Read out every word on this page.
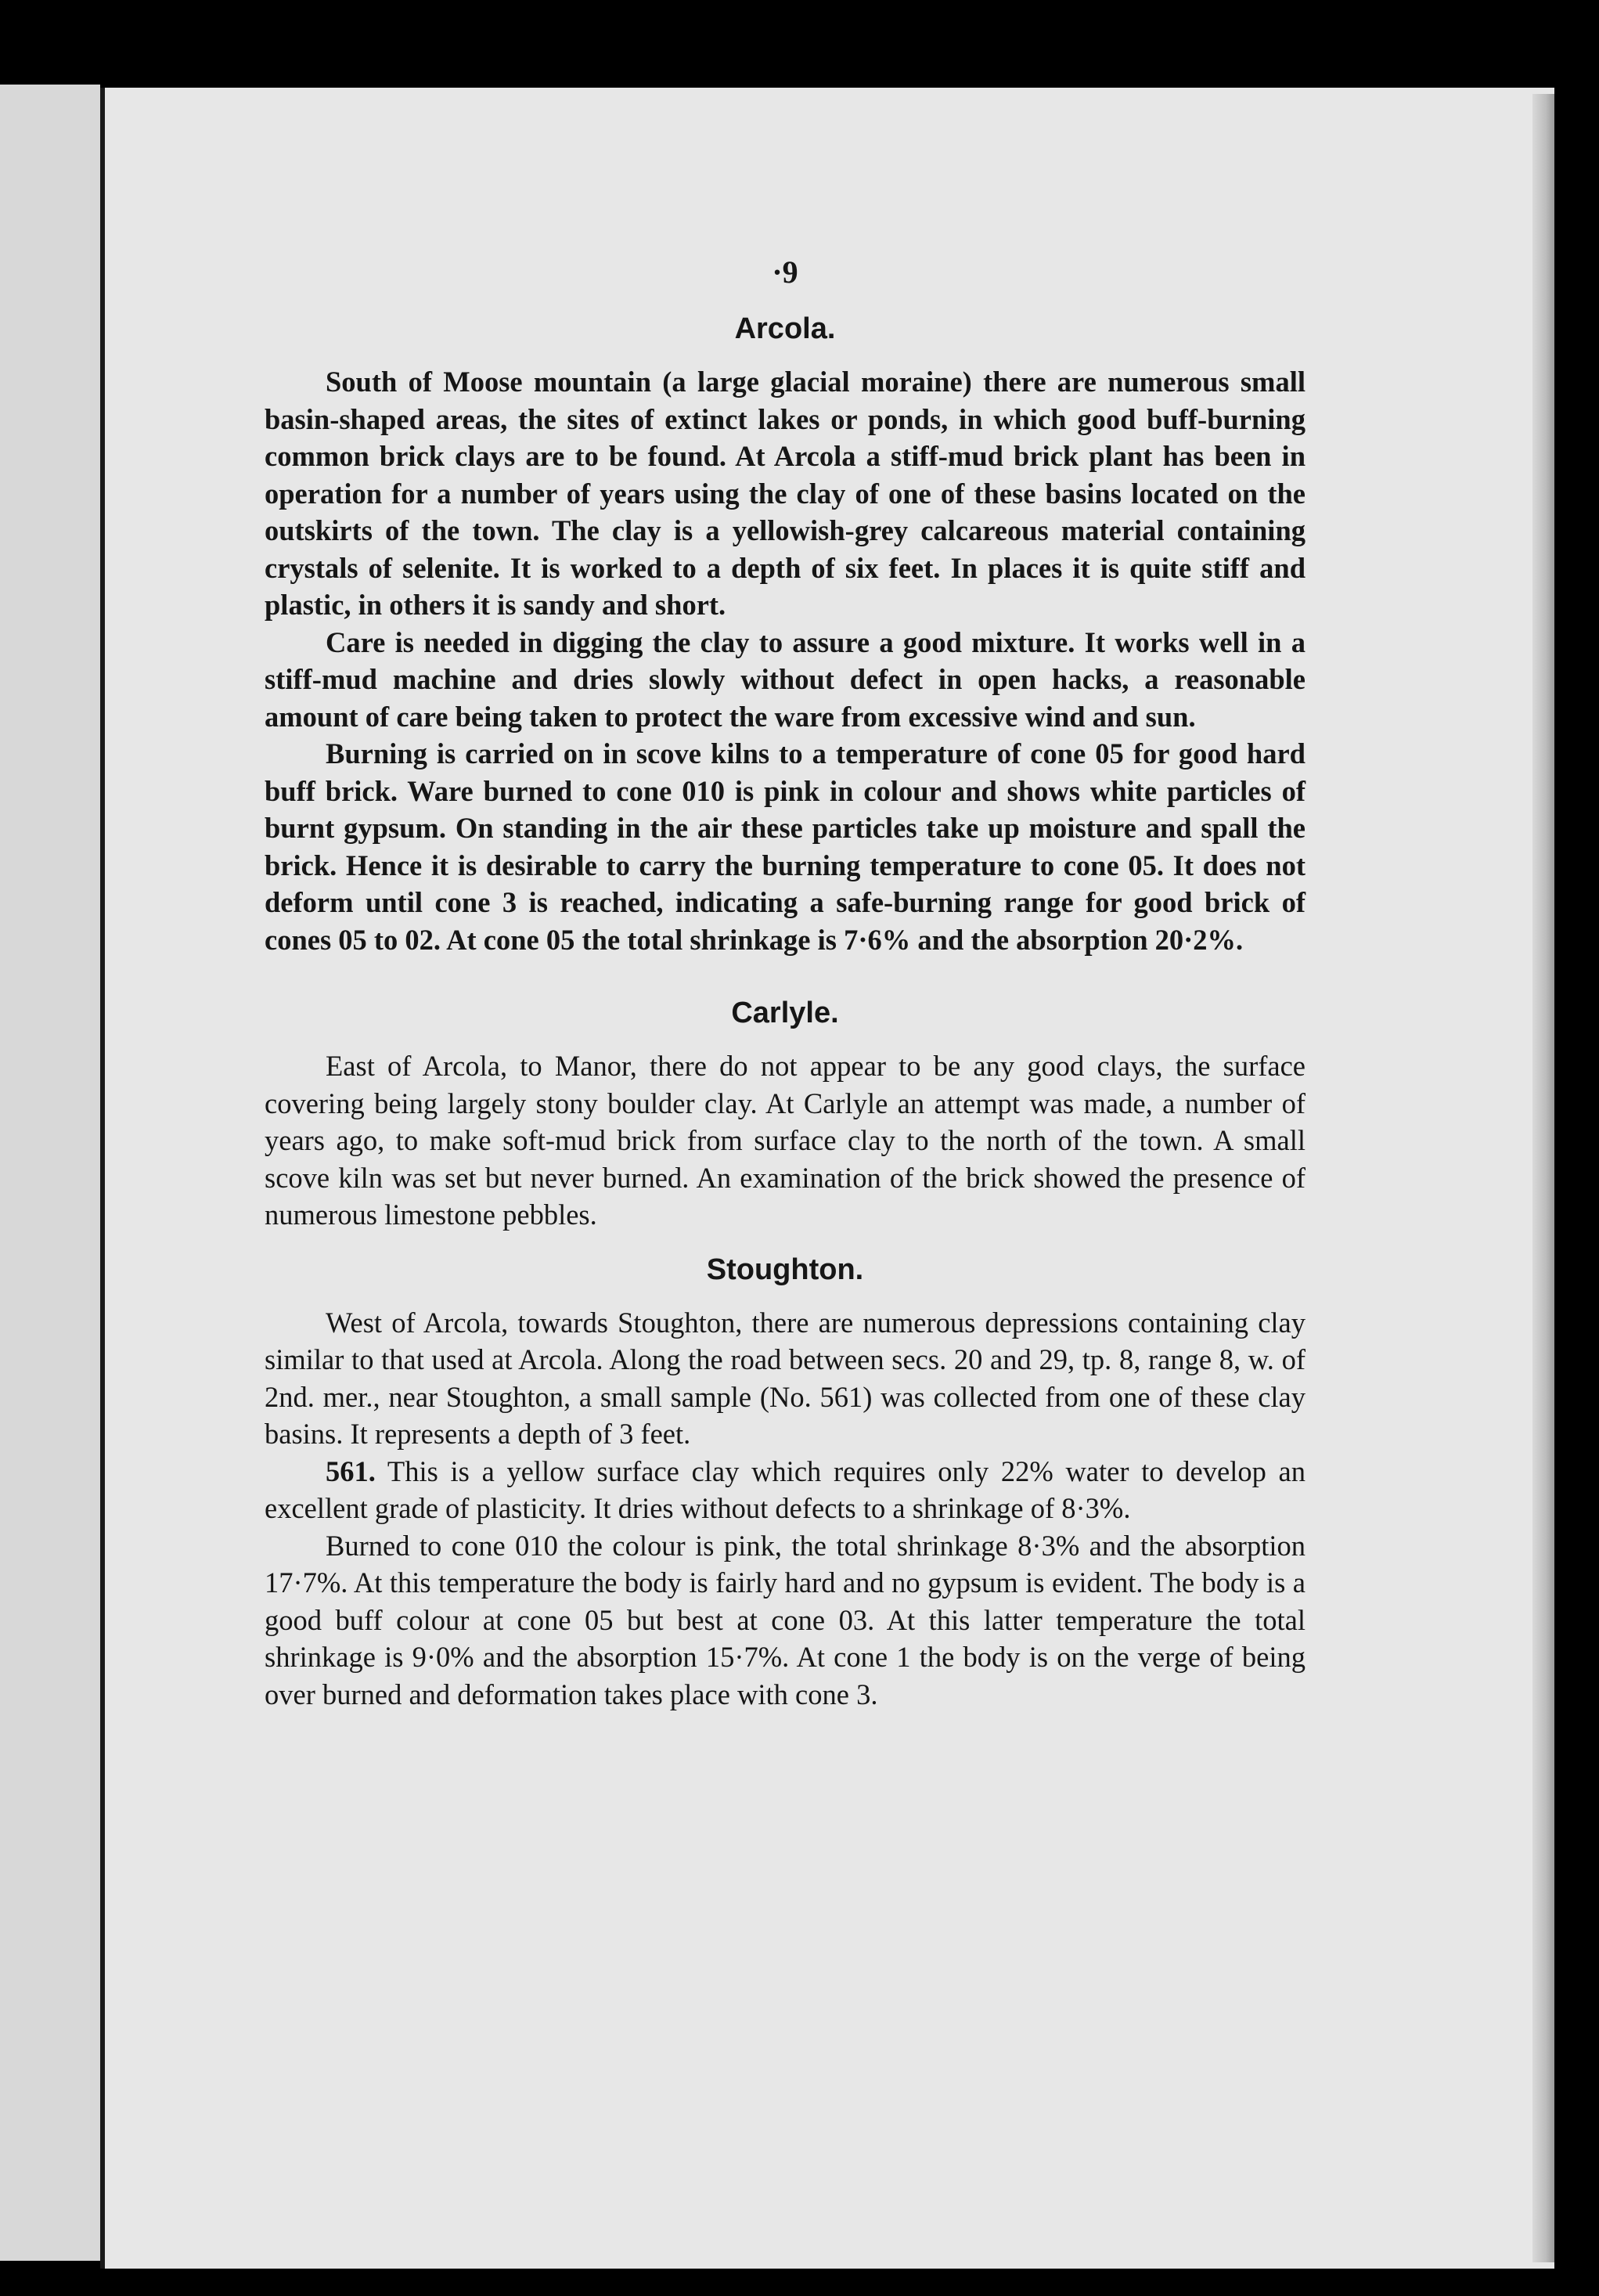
·9
Arcola.

South of Moose mountain (a large glacial moraine) there are numerous small basin-shaped areas, the sites of extinct lakes or ponds, in which good buff-burning common brick clays are to be found. At Arcola a stiff-mud brick plant has been in operation for a number of years using the clay of one of these basins located on the outskirts of the town. The clay is a yellowish-grey calcareous material containing crystals of selenite. It is worked to a depth of six feet. In places it is quite stiff and plastic, in others it is sandy and short.

Care is needed in digging the clay to assure a good mixture. It works well in a stiff-mud machine and dries slowly without defect in open hacks, a reasonable amount of care being taken to protect the ware from excessive wind and sun.

Burning is carried on in scove kilns to a temperature of cone 05 for good hard buff brick. Ware burned to cone 010 is pink in colour and shows white particles of burnt gypsum. On standing in the air these particles take up moisture and spall the brick. Hence it is desirable to carry the burning temperature to cone 05. It does not deform until cone 3 is reached, indicating a safe-burning range for good brick of cones 05 to 02. At cone 05 the total shrinkage is 7·6% and the absorption 20·2%.

Carlyle.

East of Arcola, to Manor, there do not appear to be any good clays, the surface covering being largely stony boulder clay. At Carlyle an attempt was made, a number of years ago, to make soft-mud brick from surface clay to the north of the town. A small scove kiln was set but never burned. An examination of the brick showed the presence of numerous limestone pebbles.

Stoughton.

West of Arcola, towards Stoughton, there are numerous depressions containing clay similar to that used at Arcola. Along the road between secs. 20 and 29, tp. 8, range 8, w. of 2nd. mer., near Stoughton, a small sample (No. 561) was collected from one of these clay basins. It represents a depth of 3 feet.

561. This is a yellow surface clay which requires only 22% water to develop an excellent grade of plasticity. It dries without defects to a shrinkage of 8·3%.

Burned to cone 010 the colour is pink, the total shrinkage 8·3% and the absorption 17·7%. At this temperature the body is fairly hard and no gypsum is evident. The body is a good buff colour at cone 05 but best at cone 03. At this latter temperature the total shrinkage is 9·0% and the absorption 15·7%. At cone 1 the body is on the verge of being over burned and deformation takes place with cone 3.
